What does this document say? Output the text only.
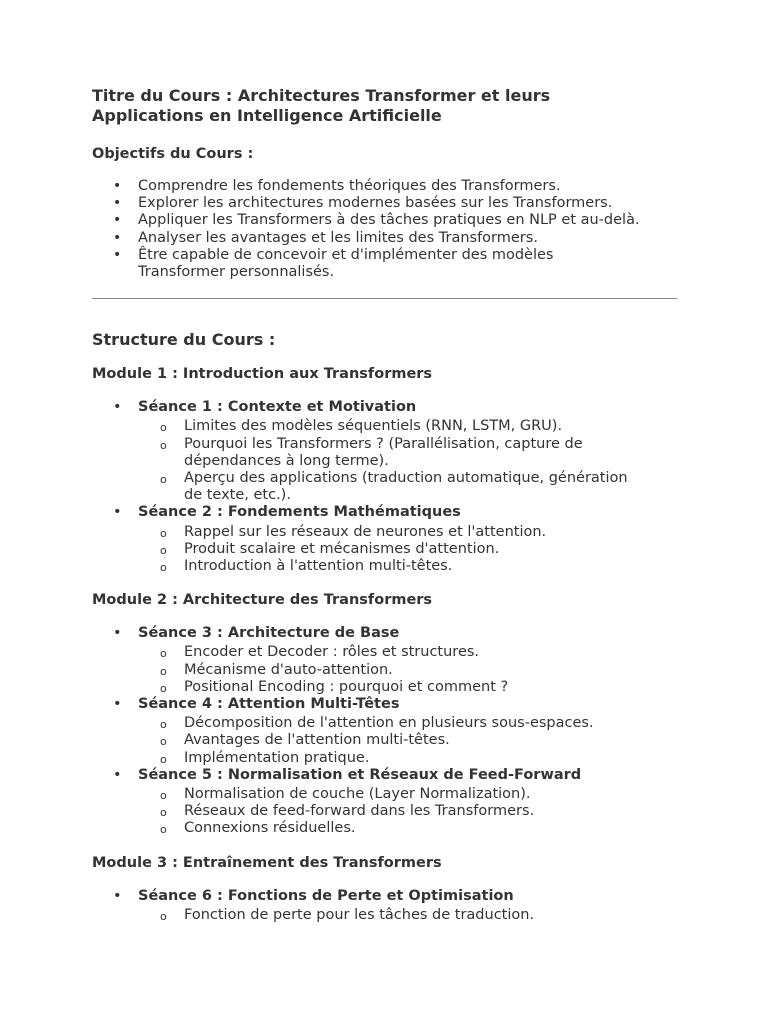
Titre du Cours : Architectures Transformer et leurs
Applications en Intelligence Artificielle
Objectifs du Cours :
• Comprendre les fondements théoriques des Transformers.
• Explorer les architectures modernes basées sur les Transformers.
• Appliquer les Transformers à des tâches pratiques en NLP et au-delà.
• Analyser les avantages et les limites des Transformers.
• Être capable de concevoir et d'implémenter des modèles Transformer personnalisés.
Structure du Cours :
Module 1 : Introduction aux Transformers
• Séance 1 : Contexte et Motivation
o Limites des modèles séquentiels (RNN, LSTM, GRU).
o Pourquoi les Transformers ? (Parallélisation, capture de dépendances à long terme).
o Aperçu des applications (traduction automatique, génération de texte, etc.).
• Séance 2 : Fondements Mathématiques
o Rappel sur les réseaux de neurones et l'attention.
o Produit scalaire et mécanismes d'attention.
o Introduction à l'attention multi-têtes.
Module 2 : Architecture des Transformers
• Séance 3 : Architecture de Base
o Encoder et Decoder : rôles et structures.
o Mécanisme d'auto-attention.
o Positional Encoding : pourquoi et comment ?
• Séance 4 : Attention Multi-Têtes
o Décomposition de l'attention en plusieurs sous-espaces.
o Avantages de l'attention multi-têtes.
o Implémentation pratique.
• Séance 5 : Normalisation et Réseaux de Feed-Forward
o Normalisation de couche (Layer Normalization).
o Réseaux de feed-forward dans les Transformers.
o Connexions résiduelles.
Module 3 : Entraînement des Transformers
• Séance 6 : Fonctions de Perte et Optimisation
o Fonction de perte pour les tâches de traduction.
